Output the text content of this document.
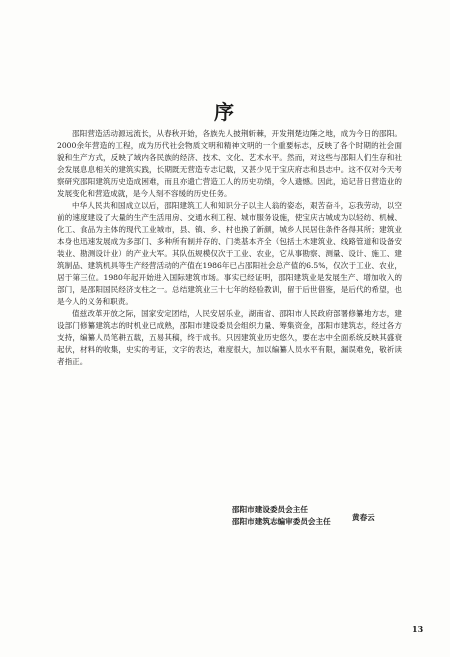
序

邵阳营造活动源远流长，从春秋开始，各族先人披荆斩棘，开发荆楚边陲之地，成为今日的邵阳。2000余年营造的工程，成为历代社会物质文明和精神文明的一个重要标志，反映了各个时期的社会面貌和生产方式，反映了域内各民族的经济、技术、文化、艺术水平。然而，对这些与邵阳人们生存和社会发展息息相关的建筑实践，长期既无营造专志记载，又甚少见于宝庆府志和县志中。这不仅对今天考察研究邵阳建筑历史造成困难，而且亦遗亡营造工人的历史功绩，令人遗憾。因此，追记昔日营造业的发展变化和营造成就，是今人刻不容缓的历史任务。

中华人民共和国成立以后，邵阳建筑工人和知识分子以主人翁的姿态，艰苦奋斗，忘我劳动，以空前的速度建设了大量的生产生活用房、交通水利工程、城市服务设施，使宝庆古城成为以轻纺、机械、化工、食品为主体的现代工业城市，县、镇、乡、村也换了新颜，城乡人民居住条件各得其所；建筑业本身也迅速发展成为多部门、多种所有制并存的、门类基本齐全（包括土木建筑业、线路管道和设备安装业、勘测设计业）的产业大军。其队伍规模仅次于工业、农业，它从事勘察、测量、设计、施工、建筑制品、建筑机具等生产经营活动的产值在1986年已占邵阳社会总产值的6.5%，仅次于工业、农业，居于第三位。1980年起开始进入国际建筑市场。事实已经证明，邵阳建筑业是发展生产、增加收入的部门，是邵阳国民经济支柱之一。总结建筑业三十七年的经验教训，留于后世借鉴，是后代的希望，也是今人的义务和职责。

值兹改革开放之际，国家安定团结，人民安居乐业，湖南省、邵阳市人民政府部署修纂地方志，建设部门修纂建筑志的时机业已成熟，邵阳市建设委员会组织力量、筹集资金，邵阳市建筑志，经过各方支持，编纂人员笔耕五载，五易其稿，终于成书。只因建筑业历史悠久，要在志中全面系统反映其盛衰起伏，材料的收集，史实的考证，文字的表达，难度很大，加以编纂人员水平有限，漏误难免，敬祈读者指正。

邵阳市建设委员会主任

邵阳市建筑志编审委员会主任	黄春云

13
